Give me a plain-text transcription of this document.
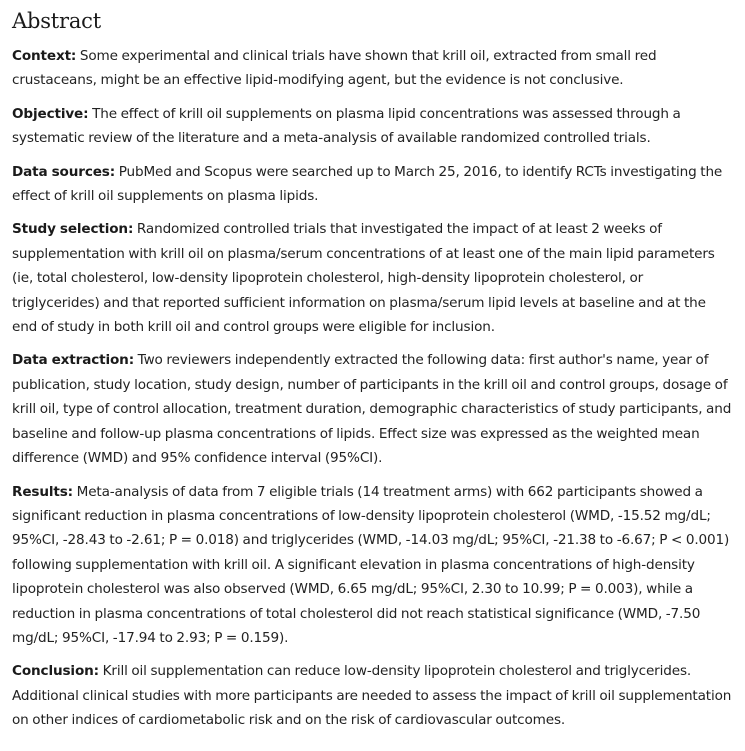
Abstract

Context: Some experimental and clinical trials have shown that krill oil, extracted from small red crustaceans, might be an effective lipid-modifying agent, but the evidence is not conclusive.

Objective: The effect of krill oil supplements on plasma lipid concentrations was assessed through a systematic review of the literature and a meta-analysis of available randomized controlled trials.

Data sources: PubMed and Scopus were searched up to March 25, 2016, to identify RCTs investigating the effect of krill oil supplements on plasma lipids.

Study selection: Randomized controlled trials that investigated the impact of at least 2 weeks of supplementation with krill oil on plasma/serum concentrations of at least one of the main lipid parameters (ie, total cholesterol, low-density lipoprotein cholesterol, high-density lipoprotein cholesterol, or triglycerides) and that reported sufficient information on plasma/serum lipid levels at baseline and at the end of study in both krill oil and control groups were eligible for inclusion.

Data extraction: Two reviewers independently extracted the following data: first author's name, year of publication, study location, study design, number of participants in the krill oil and control groups, dosage of krill oil, type of control allocation, treatment duration, demographic characteristics of study participants, and baseline and follow-up plasma concentrations of lipids. Effect size was expressed as the weighted mean difference (WMD) and 95% confidence interval (95%CI).

Results: Meta-analysis of data from 7 eligible trials (14 treatment arms) with 662 participants showed a significant reduction in plasma concentrations of low-density lipoprotein cholesterol (WMD, -15.52 mg/dL; 95%CI, -28.43 to -2.61; P = 0.018) and triglycerides (WMD, -14.03 mg/dL; 95%CI, -21.38 to -6.67; P < 0.001) following supplementation with krill oil. A significant elevation in plasma concentrations of high-density lipoprotein cholesterol was also observed (WMD, 6.65 mg/dL; 95%CI, 2.30 to 10.99; P = 0.003), while a reduction in plasma concentrations of total cholesterol did not reach statistical significance (WMD, -7.50 mg/dL; 95%CI, -17.94 to 2.93; P = 0.159).

Conclusion: Krill oil supplementation can reduce low-density lipoprotein cholesterol and triglycerides. Additional clinical studies with more participants are needed to assess the impact of krill oil supplementation on other indices of cardiometabolic risk and on the risk of cardiovascular outcomes.
